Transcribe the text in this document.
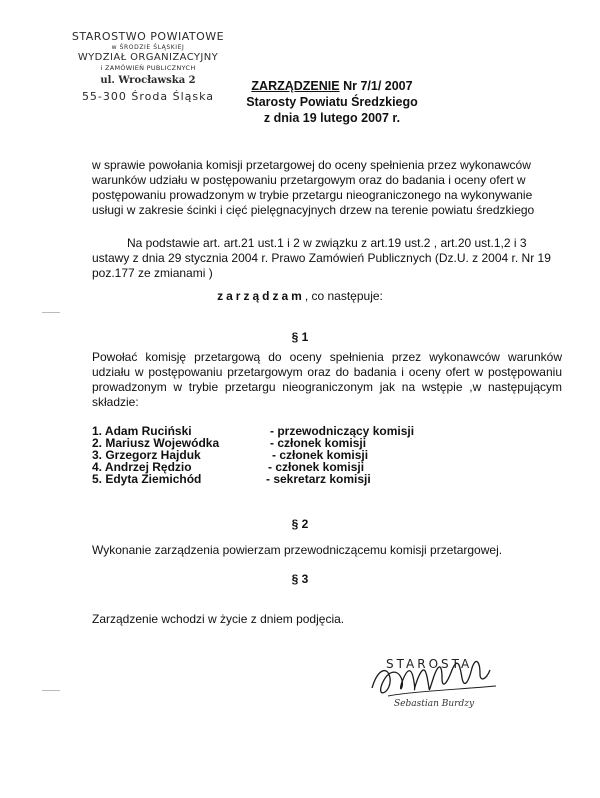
STAROSTWO POWIATOWE
w ŚRODZIE ŚLĄSKIEJ
WYDZIAŁ ORGANIZACYJNY
i ZAMÓWIEŃ PUBLICZNYCH
ul. Wrocławska 2
55-300 Środa Śląska
ZARZĄDZENIE Nr 7/1/ 2007
Starosty Powiatu Średzkiego
z dnia 19 lutego 2007 r.
w sprawie powołania komisji przetargowej do oceny spełnienia przez wykonawców warunków udziału w postępowaniu przetargowym oraz do badania i oceny ofert w postępowaniu prowadzonym w trybie przetargu nieograniczonego na wykonywanie usługi w zakresie ścinki i cięć pielęgnacyjnych drzew na terenie powiatu średzkiego
Na podstawie art. art.21 ust.1 i 2 w związku z art.19 ust.2 , art.20 ust.1,2 i 3 ustawy z dnia 29 stycznia 2004 r. Prawo Zamówień Publicznych (Dz.U. z 2004 r. Nr 19 poz.177 ze zmianami )
zarządzam, co następuje:
§ 1
Powołać komisję przetargową do oceny spełnienia przez wykonawców warunków udziału w postępowaniu przetargowym oraz do badania i oceny ofert w postępowaniu prowadzonym w trybie przetargu nieograniczonym jak na wstępie ,w następującym składzie:
1. Adam Ruciński	- przewodniczący komisji
2. Mariusz Wojewódka	- członek komisji
3. Grzegorz Hajduk	- członek komisji
4. Andrzej Rędzio	- członek komisji
5. Edyta Ziemichód	- sekretarz komisji
§ 2
Wykonanie zarządzenia powierzam przewodniczącemu komisji przetargowej.
§ 3
Zarządzenie wchodzi w życie z dniem podjęcia.
STAROSTA
Sebastian Burdzy
